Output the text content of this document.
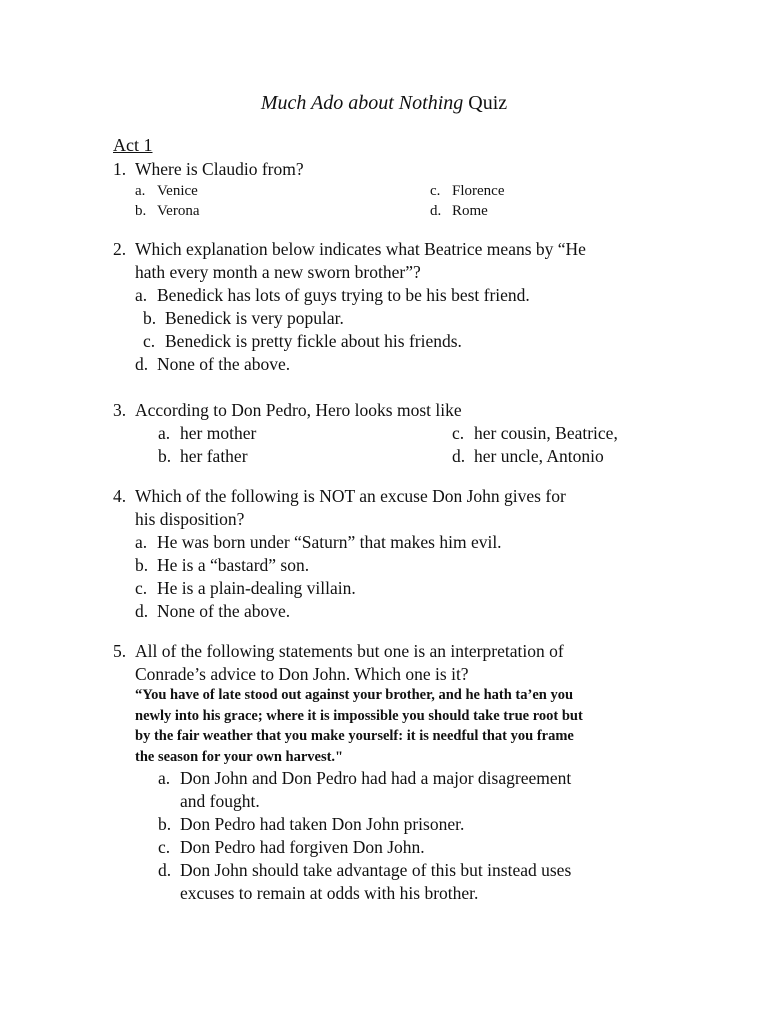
Much Ado about Nothing Quiz
Act 1
1. Where is Claudio from?
a. Venice
b. Verona
c. Florence
d. Rome
2. Which explanation below indicates what Beatrice means by “He
hath every month a new sworn brother”?
a. Benedick has lots of guys trying to be his best friend.
b. Benedick is very popular.
c. Benedick is pretty fickle about his friends.
d. None of the above.
3. According to Don Pedro, Hero looks most like
a. her mother
b. her father
c. her cousin, Beatrice,
d. her uncle, Antonio
4. Which of the following is NOT an excuse Don John gives for
his disposition?
a. He was born under “Saturn” that makes him evil.
b. He is a “bastard” son.
c. He is a plain-dealing villain.
d. None of the above.
5. All of the following statements but one is an interpretation of
Conrade’s advice to Don John. Which one is it?
“You have of late stood out against your brother, and he hath ta’en you
newly into his grace; where it is impossible you should take true root but
by the fair weather that you make yourself: it is needful that you frame
the season for your own harvest."
a. Don John and Don Pedro had had a major disagreement
and fought.
b. Don Pedro had taken Don John prisoner.
c. Don Pedro had forgiven Don John.
d. Don John should take advantage of this but instead uses
excuses to remain at odds with his brother.
